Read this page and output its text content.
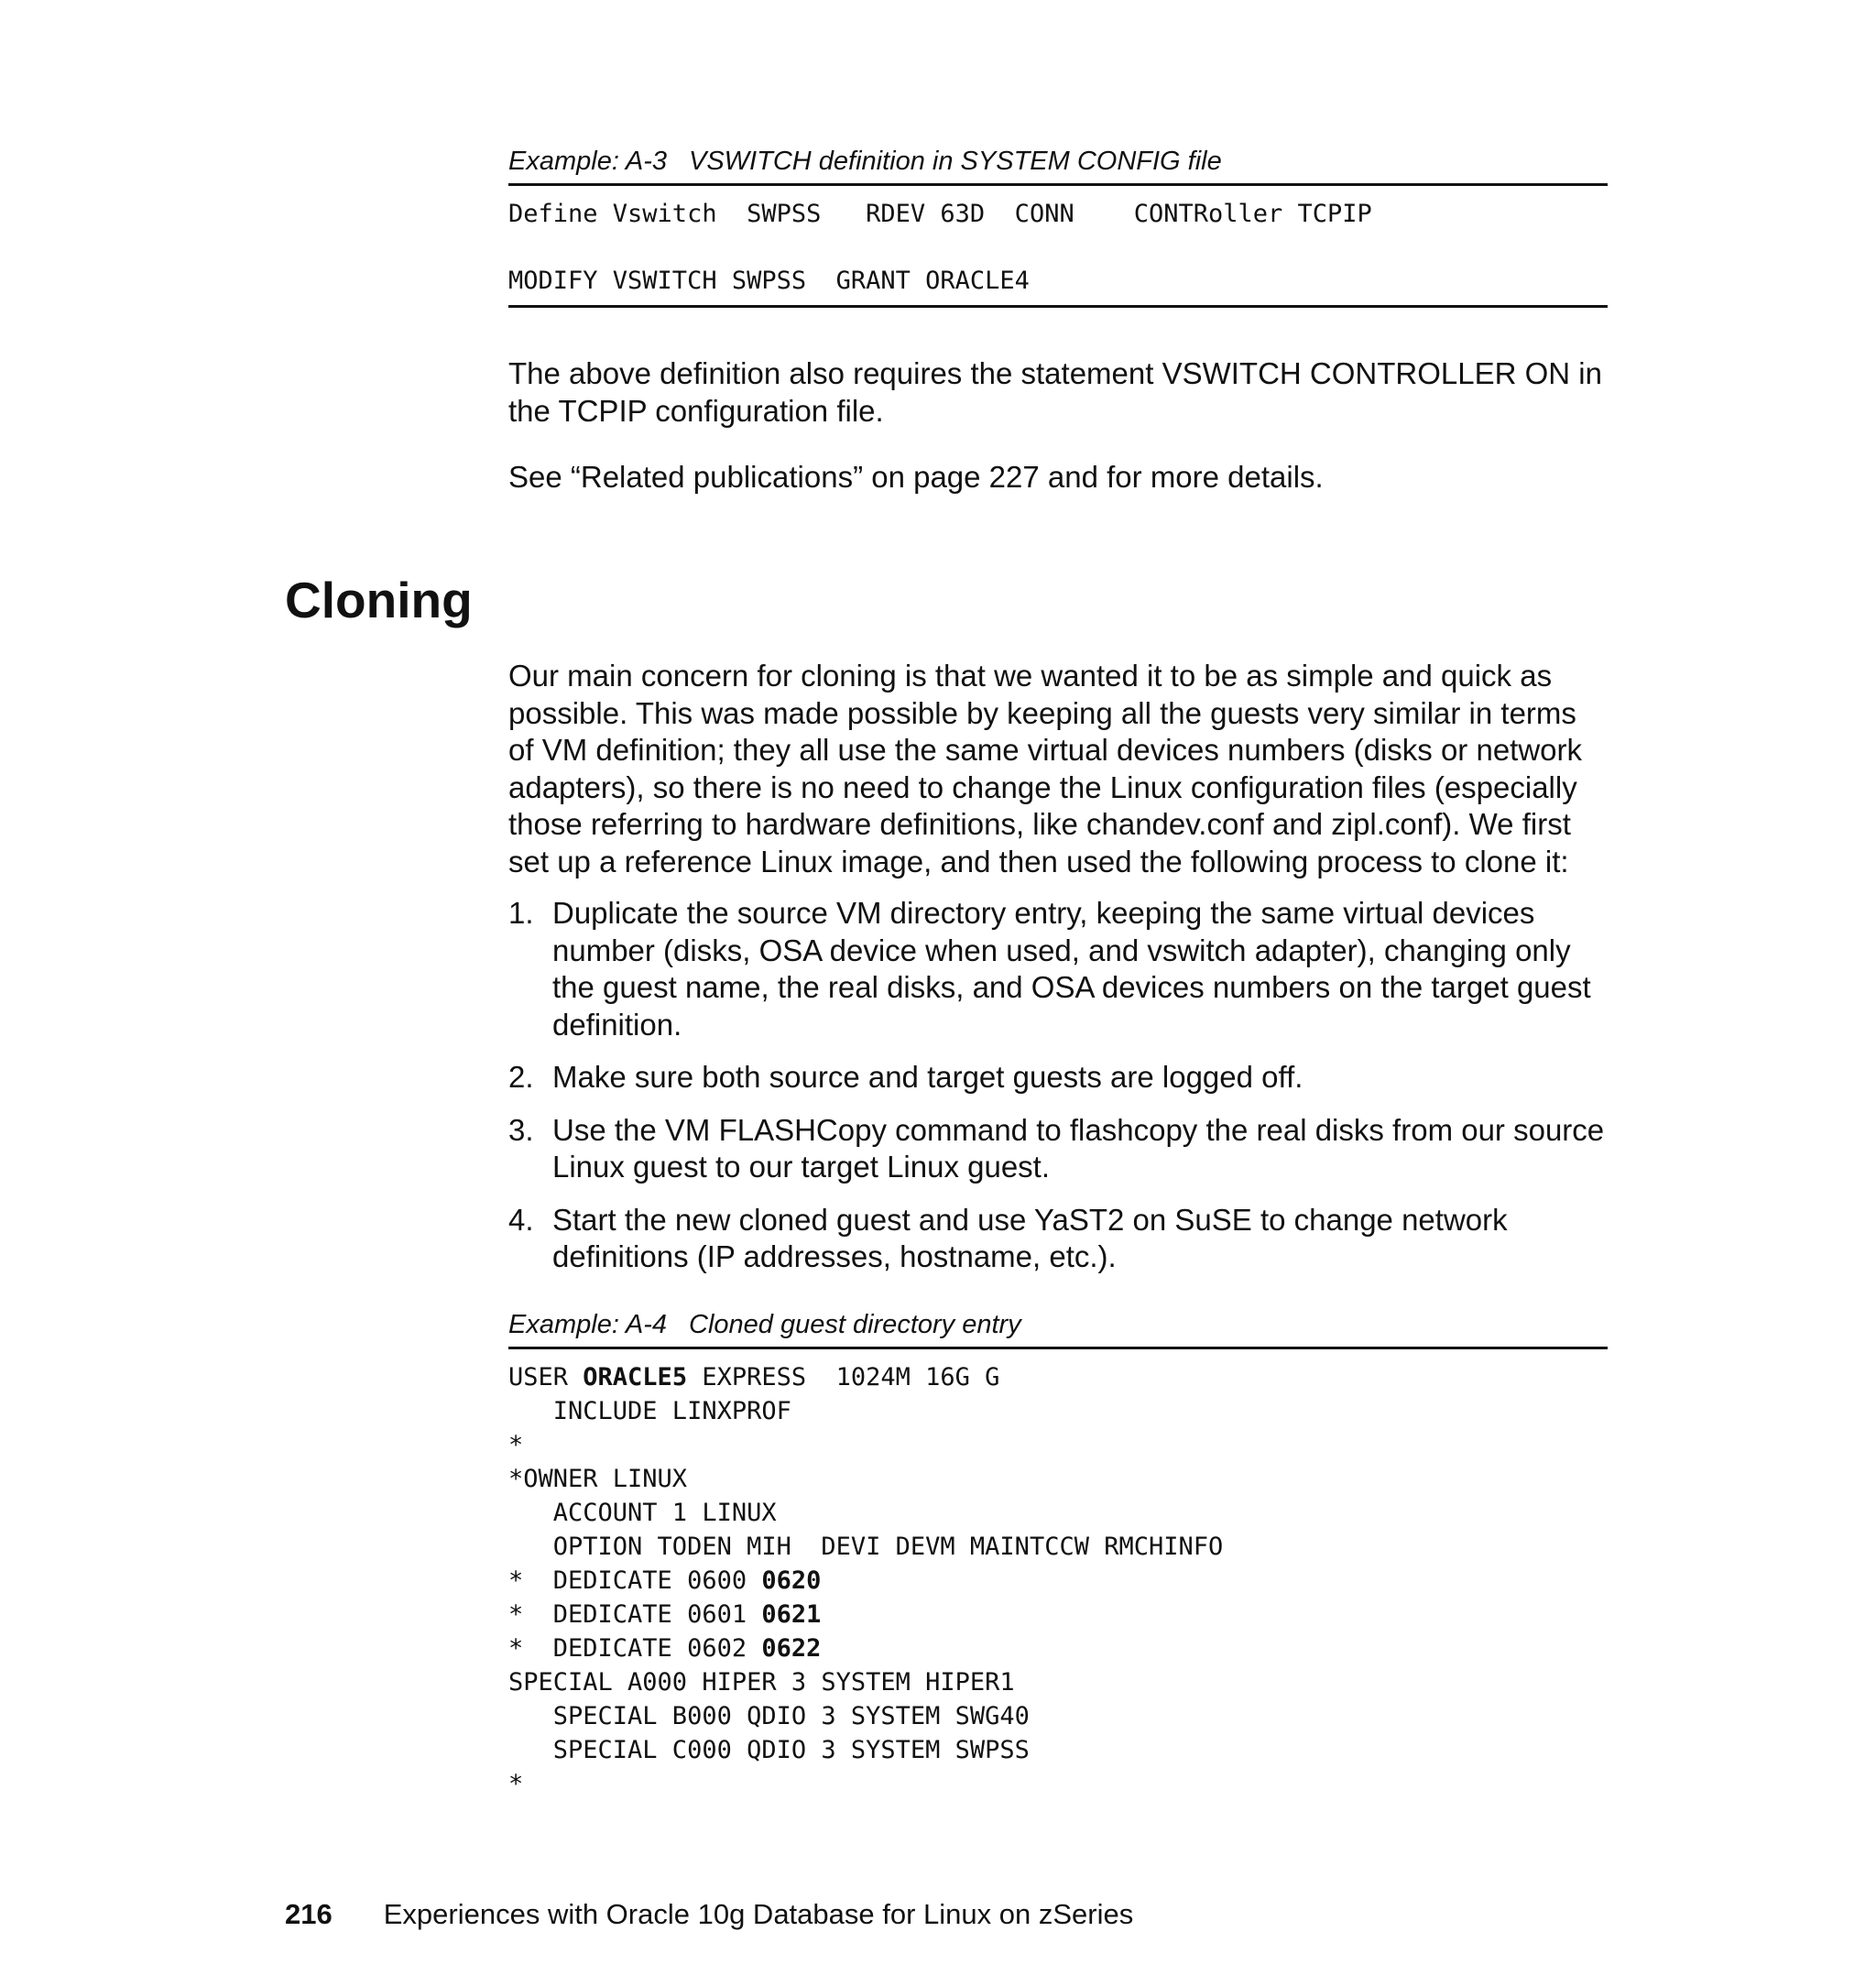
Example: A-3 VSWITCH definition in SYSTEM CONFIG file

Define Vswitch  SWPSS   RDEV 63D  CONN    CONTRoller TCPIP

MODIFY VSWITCH SWPSS  GRANT ORACLE4

The above definition also requires the statement VSWITCH CONTROLLER ON in the TCPIP configuration file.

See “Related publications” on page 227 and for more details.

Cloning

Our main concern for cloning is that we wanted it to be as simple and quick as possible. This was made possible by keeping all the guests very similar in terms of VM definition; they all use the same virtual devices numbers (disks or network adapters), so there is no need to change the Linux configuration files (especially those referring to hardware definitions, like chandev.conf and zipl.conf). We first set up a reference Linux image, and then used the following process to clone it:

1. Duplicate the source VM directory entry, keeping the same virtual devices number (disks, OSA device when used, and vswitch adapter), changing only the guest name, the real disks, and OSA devices numbers on the target guest definition.
2. Make sure both source and target guests are logged off.
3. Use the VM FLASHCopy command to flashcopy the real disks from our source Linux guest to our target Linux guest.
4. Start the new cloned guest and use YaST2 on SuSE to change network definitions (IP addresses, hostname, etc.).

Example: A-4 Cloned guest directory entry

USER ORACLE5 EXPRESS  1024M 16G G

INCLUDE LINXPROF

*

*OWNER LINUX

ACCOUNT 1 LINUX

OPTION TODEN MIH  DEVI DEVM MAINTCCW RMCHINFO

*  DEDICATE 0600 0620

*  DEDICATE 0601 0621

*  DEDICATE 0602 0622

SPECIAL A000 HIPER 3 SYSTEM HIPER1

SPECIAL B000 QDIO 3 SYSTEM SWG40

SPECIAL C000 QDIO 3 SYSTEM SWPSS

*

216 Experiences with Oracle 10g Database for Linux on zSeries
